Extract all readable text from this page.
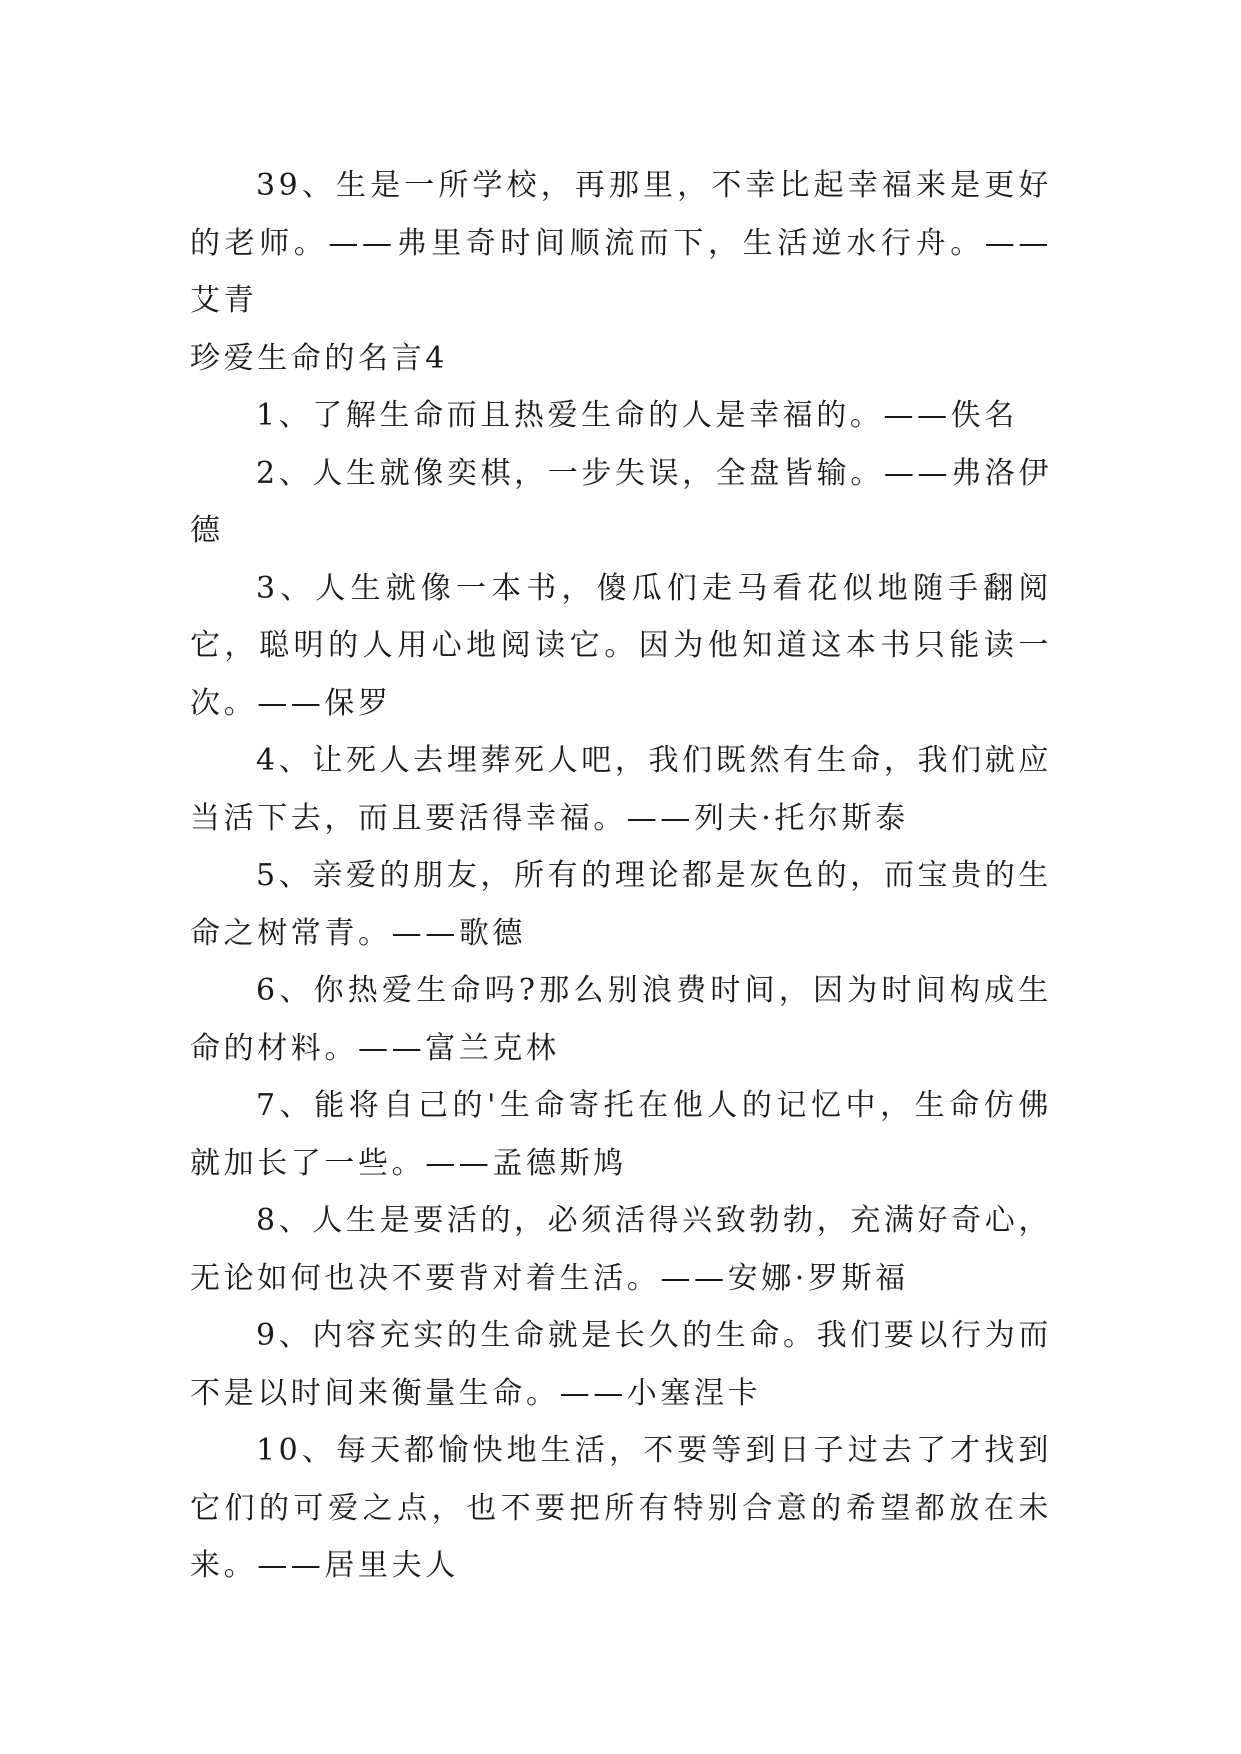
39、生是一所学校，再那里，不幸比起幸福来是更好的老师。——弗里奇时间顺流而下，生活逆水行舟。——艾青

珍爱生命的名言4

1、了解生命而且热爱生命的人是幸福的。——佚名

2、人生就像奕棋，一步失误，全盘皆输。——弗洛伊德

3、人生就像一本书，傻瓜们走马看花似地随手翻阅它，聪明的人用心地阅读它。因为他知道这本书只能读一次。——保罗

4、让死人去埋葬死人吧，我们既然有生命，我们就应当活下去，而且要活得幸福。——列夫·托尔斯泰

5、亲爱的朋友，所有的理论都是灰色的，而宝贵的生命之树常青。——歌德

6、你热爱生命吗?那么别浪费时间，因为时间构成生命的材料。——富兰克林

7、能将自己的'生命寄托在他人的记忆中，生命仿佛就加长了一些。——孟德斯鸠

8、人生是要活的，必须活得兴致勃勃，充满好奇心，无论如何也决不要背对着生活。——安娜·罗斯福

9、内容充实的生命就是长久的生命。我们要以行为而不是以时间来衡量生命。——小塞涅卡

10、每天都愉快地生活，不要等到日子过去了才找到它们的可爱之点，也不要把所有特别合意的希望都放在未来。——居里夫人
